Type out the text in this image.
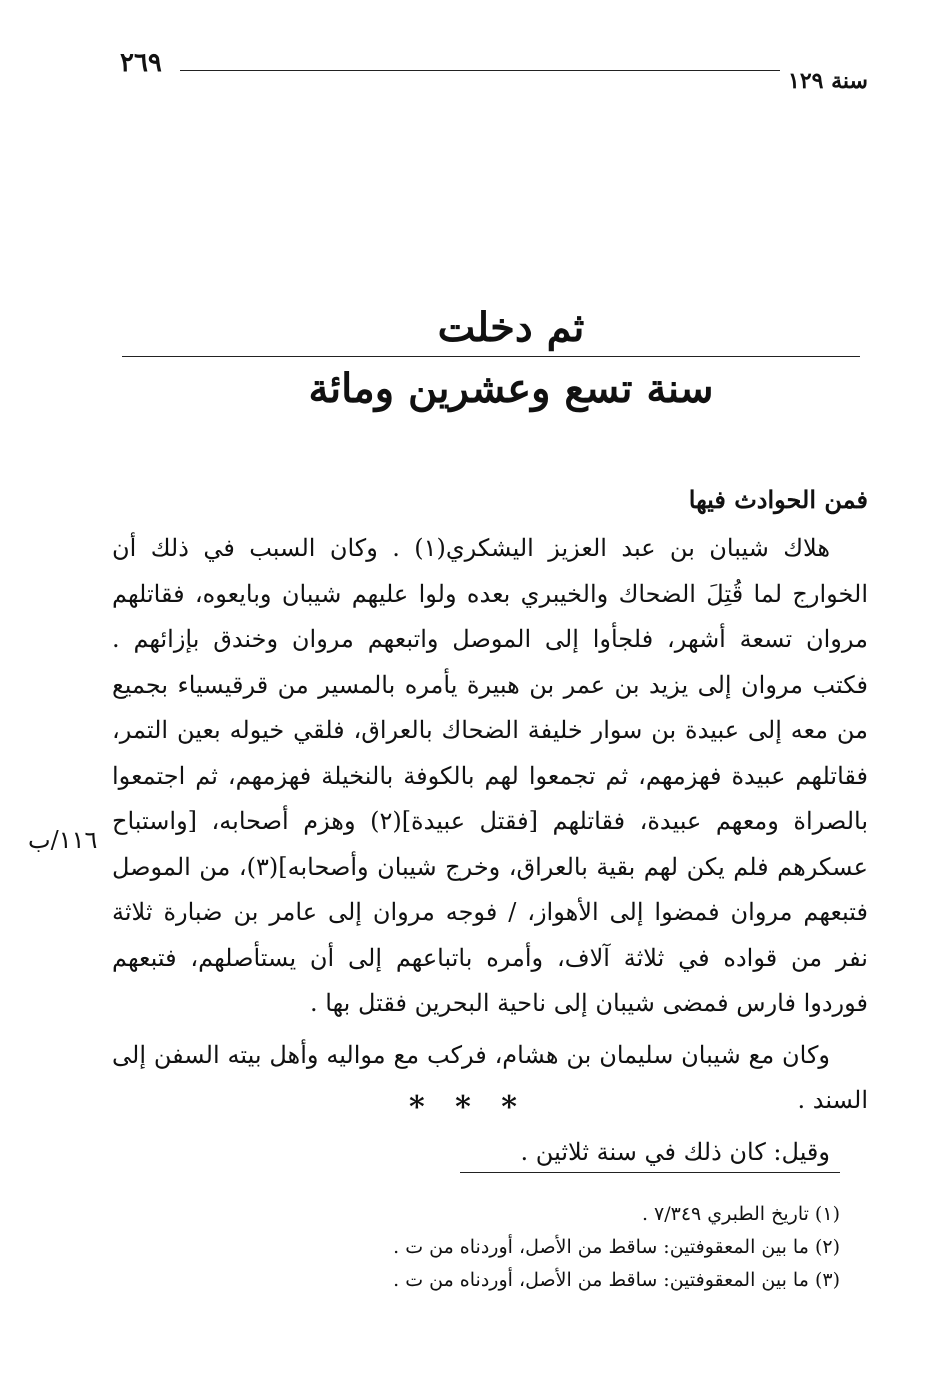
سنة ١٢٩
٢٦٩
ثم دخلت
سنة تسع وعشرين ومائة
فمن الحوادث فيها

هلاك شيبان بن عبد العزيز اليشكري(١) . وكان السبب في ذلك أن الخوارج لما قُتِلَ الضحاك والخيبري بعده ولوا عليهم شيبان وبايعوه، فقاتلهم مروان تسعة أشهر، فلجأوا إلى الموصل واتبعهم مروان وخندق بإزائهم . فكتب مروان إلى يزيد بن عمر بن هبيرة يأمره بالمسير من قرقيسياء بجميع من معه إلى عبيدة بن سوار خليفة الضحاك بالعراق، فلقي خيوله بعين التمر، فقاتلهم عبيدة فهزمهم، ثم تجمعوا لهم بالكوفة بالنخيلة فهزمهم، ثم اجتمعوا بالصراة ومعهم عبيدة، فقاتلهم [فقتل عبيدة](٢) وهزم أصحابه، [واستباح عسكرهم فلم يكن لهم بقية بالعراق، وخرج شيبان وأصحابه](٣)، من الموصل فتبعهم مروان فمضوا إلى الأهواز، / فوجه مروان إلى عامر بن ضبارة ثلاثة نفر من قواده في ثلاثة آلاف، وأمره باتباعهم إلى أن يستأصلهم، فتبعهم فوردوا فارس فمضى شيبان إلى ناحية البحرين فقتل بها .

وكان مع شيبان سليمان بن هشام، فركب مع مواليه وأهل بيته السفن إلى السند .

وقيل: كان ذلك في سنة ثلاثين .

١١٦/ب
* * *

(١) تاريخ الطبري ٧/٣٤٩ .

(٢) ما بين المعقوفتين: ساقط من الأصل، أوردناه من ت .

(٣) ما بين المعقوفتين: ساقط من الأصل، أوردناه من ت .
